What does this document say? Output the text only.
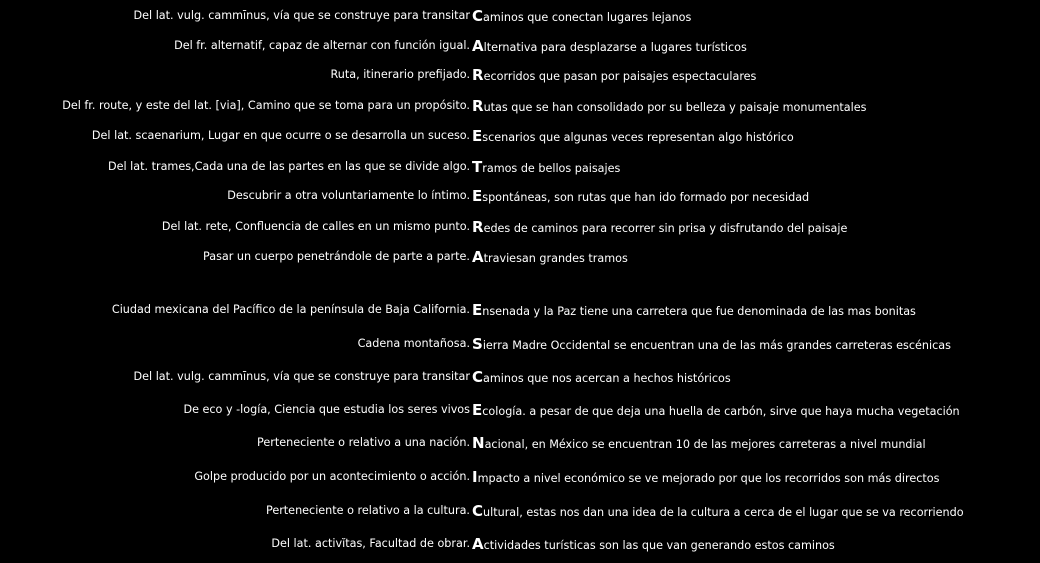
Del lat. vulg. cammīnus, vía que se construye para transitar Caminos que conectan lugares lejanos
Del fr. alternatif, capaz de alternar con función igual. Alternativa para desplazarse a lugares turísticos
Ruta, itinerario prefijado. Recorridos que pasan por paisajes espectaculares
Del fr. route, y este del lat. [via], Camino que se toma para un propósito. Rutas que se han consolidado por su belleza y paisaje monumentales
Del lat. scaenarium, Lugar en que ocurre o se desarrolla un suceso. Escenarios que algunas veces representan algo histórico
Del lat. trames,Cada una de las partes en las que se divide algo. Tramos de bellos paisajes
Descubrir a otra voluntariamente lo íntimo. Espontáneas, son rutas que han ido formado por necesidad
Del lat. rete, Confluencia de calles en un mismo punto. Redes de caminos para recorrer sin prisa y disfrutando del paisaje
Pasar un cuerpo penetrándole de parte a parte. Atraviesan grandes tramos
Ciudad mexicana del Pacífico de la península de Baja California. Ensenada y la Paz tiene una carretera que fue denominada de las mas bonitas
Cadena montañosa. Sierra Madre Occidental se encuentran una de las más grandes carreteras escénicas
Del lat. vulg. cammīnus, vía que se construye para transitar Caminos que nos acercan a hechos históricos
De eco y -logía, Ciencia que estudia los seres vivos Ecología. a pesar de que deja una huella de carbón, sirve que haya mucha vegetación
Perteneciente o relativo a una nación. Nacional, en México se encuentran 10 de las mejores carreteras a nivel mundial
Golpe producido por un acontecimiento o acción. Impacto a nivel económico se ve mejorado por que los recorridos son más directos
Perteneciente o relativo a la cultura. Cultural, estas nos dan una idea de la cultura a cerca de el lugar que se va recorriendo
Del lat. activĭtas, Facultad de obrar. Actividades turísticas son las que van generando estos caminos
